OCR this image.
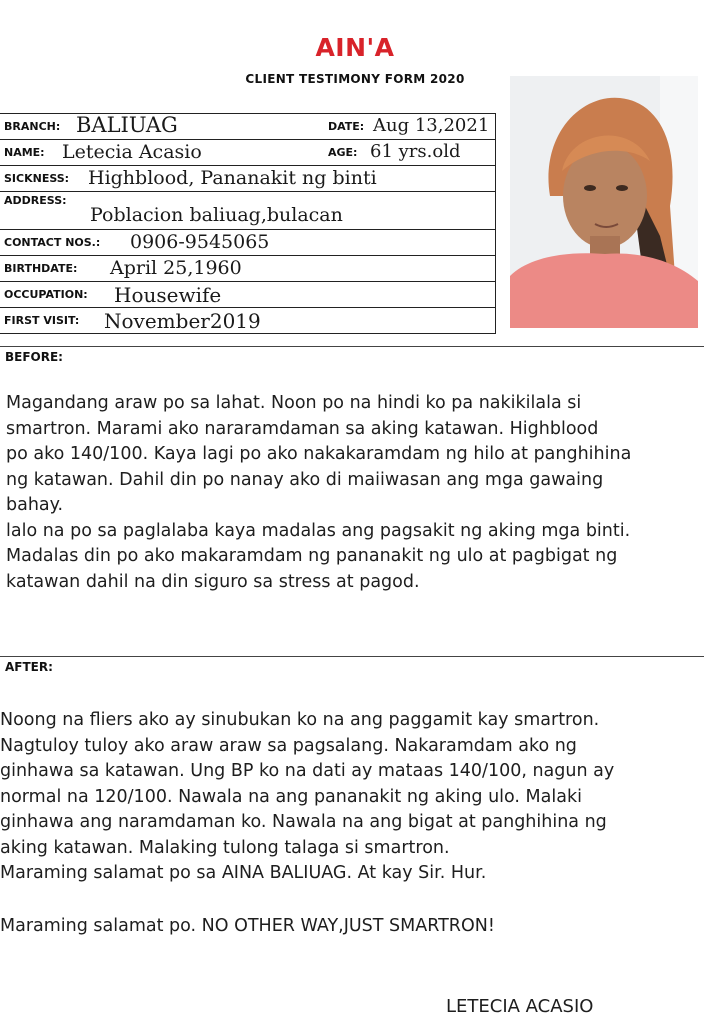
AIN'A
CLIENT TESTIMONY FORM 2020
BRANCH: BALIUAG	DATE: Aug 13,2021
NAME: Letecia Acasio	AGE: 61 yrs.old
SICKNESS: Highblood, Pananakit ng binti
ADDRESS:
Poblacion baliuag,bulacan
CONTACT NOS.: 0906-9545065
BIRTHDATE: April 25,1960
OCCUPATION: Housewife
FIRST VISIT: November2019
BEFORE:

Magandang araw po sa lahat. Noon po na hindi ko pa nakikilala si
smartron. Marami ako nararamdaman sa aking katawan. Highblood
po ako 140/100. Kaya lagi po ako nakakaramdam ng hilo at panghihina
ng katawan. Dahil din po nanay ako di maiiwasan ang mga gawaing
bahay.
lalo na po sa paglalaba kaya madalas ang pagsakit ng aking mga binti.
Madalas din po ako makaramdam ng pananakit ng ulo at pagbigat ng
katawan dahil na din siguro sa stress at pagod.

AFTER:

Noong na fliers ako ay sinubukan ko na ang paggamit kay smartron.
Nagtuloy tuloy ako araw araw sa pagsalang. Nakaramdam ako ng
ginhawa sa katawan. Ung BP ko na dati ay mataas 140/100, nagun ay
normal na 120/100. Nawala na ang pananakit ng aking ulo. Malaki
ginhawa ang naramdaman ko. Nawala na ang bigat at panghihina ng
aking katawan. Malaking tulong talaga si smartron.
Maraming salamat po sa AINA BALIUAG. At kay Sir. Hur.

Maraming salamat po. NO OTHER WAY,JUST SMARTRON!

LETECIA ACASIO
